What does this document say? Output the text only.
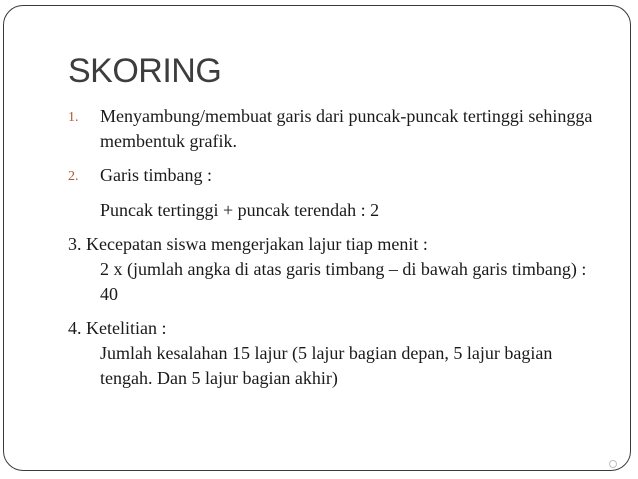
SKORING
1.	Menyambung/membuat garis dari puncak-puncak tertinggi sehingga membentuk grafik.
2.	Garis timbang :
Puncak tertinggi + puncak terendah : 2

3. Kecepatan siswa mengerjakan lajur tiap menit :

2 x (jumlah angka di atas garis timbang – di bawah garis timbang) : 40

4. Ketelitian :

Jumlah kesalahan 15 lajur (5 lajur bagian depan, 5 lajur bagian tengah. Dan 5 lajur bagian akhir)
